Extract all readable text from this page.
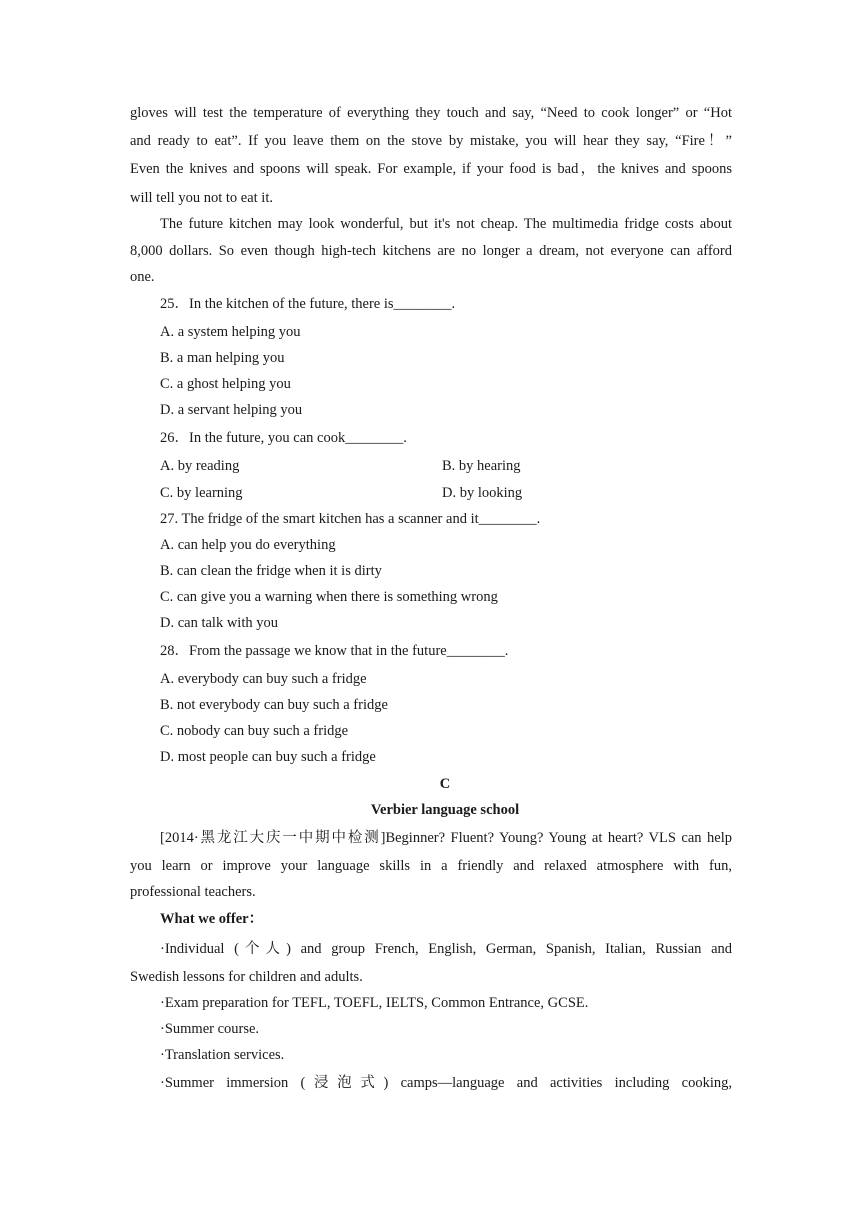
gloves will test the temperature of everything they touch and say, “Need to cook longer” or “Hot
and ready to eat”. If you leave them on the stove by mistake, you will hear they say, “Fire！”
Even the knives and spoons will speak. For example, if your food is bad，the knives and spoons
will tell you not to eat it.
The future kitchen may look wonderful, but it's not cheap. The multimedia fridge costs about
8,000 dollars. So even though high-tech kitchens are no longer a dream, not everyone can afford
one.
25．In the kitchen of the future, there is________.
A. a system helping you
B. a man helping you
C. a ghost helping you
D. a servant helping you
26．In the future, you can cook________.
A. by reading	B. by hearing
C. by learning	D. by looking
27. The fridge of the smart kitchen has a scanner and it________.
A. can help you do everything
B. can clean the fridge when it is dirty
C. can give you a warning when there is something wrong
D. can talk with you
28．From the passage we know that in the future________.
A. everybody can buy such a fridge
B. not everybody can buy such a fridge
C. nobody can buy such a fridge
D. most people can buy such a fridge
C
Verbier language school
[2014·黑龙江大庆一中期中检测]Beginner? Fluent? Young? Young at heart? VLS can help
you learn or improve your language skills in a friendly and relaxed atmosphere with fun,
professional teachers.
What we offer：
·Individual (个人) and group French, English, German, Spanish, Italian, Russian and
Swedish lessons for children and adults.
·Exam preparation for TEFL, TOEFL, IELTS, Common Entrance, GCSE.
·Summer course.
·Translation services.
·Summer immersion (浸泡式) camps—language and activities including cooking,
